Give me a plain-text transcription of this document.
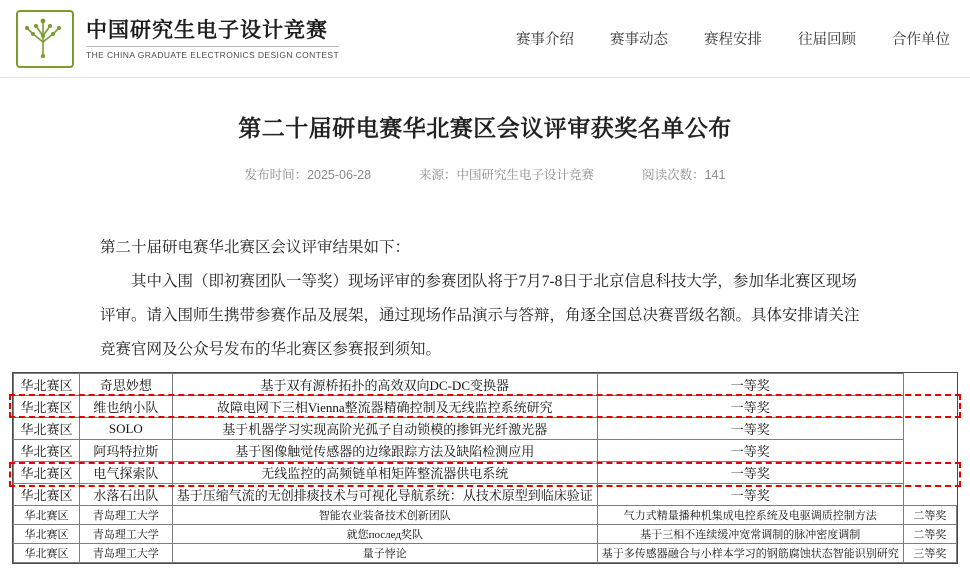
中国研究生电子设计竞赛
THE CHINA GRADUATE ELECTRONICS DESIGN CONTEST
赛事介绍 赛事动态 赛程安排 往届回顾 合作单位
第二十届研电赛华北赛区会议评审获奖名单公布
发布时间：2025-06-28	来源：中国研究生电子设计竞赛	阅读次数：141

第二十届研电赛华北赛区会议评审结果如下：

其中入围（即初赛团队一等奖）现场评审的参赛团队将于7月7-8日于北京信息科技大学，参加华北赛区现场评审。请入围师生携带参赛作品及展架，通过现场作品演示与答辩，角逐全国总决赛晋级名额。具体安排请关注竞赛官网及公众号发布的华北赛区参赛报到须知。

华北赛区	奇思妙想	基于双有源桥拓扑的高效双向DC-DC变换器	一等奖	
华北赛区	维也纳小队	故障电网下三相Vienna整流器精确控制及无线监控系统研究	一等奖	
华北赛区	SOLO	基于机器学习实现高阶光孤子自动锁模的掺铒光纤激光器	一等奖	
华北赛区	阿玛特拉斯	基于图像触觉传感器的边缘跟踪方法及缺陷检测应用	一等奖	
华北赛区	电气探索队	无线监控的高频链单相矩阵整流器供电系统	一等奖	
华北赛区	水落石出队	基于压缩气流的无创排痰技术与可视化导航系统：从技术原型到临床验证	一等奖	
华北赛区	青岛理工大学	智能农业装备技术创新团队	气力式精量播种机集成电控系统及电驱调质控制方法	二等奖
华北赛区	青岛理工大学	就您послед奖队	基于三相不连续缓冲宽常调制的脉冲密度调制	二等奖
华北赛区	青岛理工大学	量子悖论	基于多传感器融合与小样本学习的钢筋腐蚀状态智能识别研究	三等奖
